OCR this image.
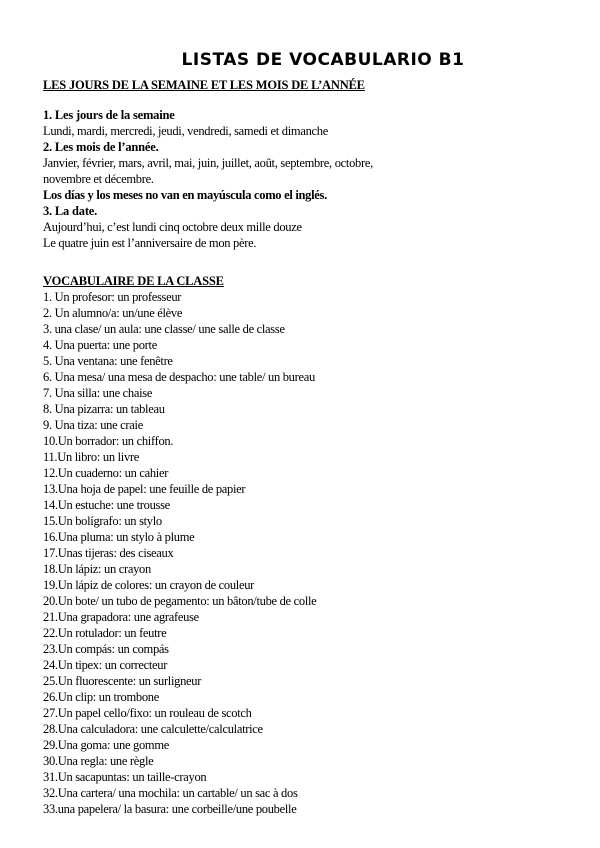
LISTAS DE VOCABULARIO B1

LES JOURS DE LA SEMAINE ET LES MOIS DE L’ANNÉE

1. Les jours de la semaine

Lundi, mardi, mercredi, jeudi, vendredi, samedi et dimanche

2. Les mois de l’année.

Janvier, février, mars, avril, mai, juin, juillet, août, septembre, octobre, novembre et décembre.

Los días y los meses no van en mayúscula como el inglés.

3. La date.

Aujourd’hui, c’est lundi cinq octobre deux mille douze

Le quatre juin est l’anniversaire de mon père.

VOCABULAIRE DE LA CLASSE

1. Un profesor: un professeur
2. Un alumno/a: un/une élève
3. una clase/ un aula: une classe/ une salle de classe
4. Una puerta: une porte
5. Una ventana: une fenêtre
6. Una mesa/ una mesa de despacho: une table/ un bureau
7. Una silla: une chaise
8. Una pizarra: un tableau
9. Una tiza: une craie
10.Un borrador: un chiffon.
11.Un libro: un livre
12.Un cuaderno: un cahier
13.Una hoja de papel: une feuille de papier
14.Un estuche: une trousse
15.Un bolígrafo: un stylo
16.Una pluma: un stylo à plume
17.Unas tijeras: des ciseaux
18.Un lápiz: un crayon
19.Un lápiz de colores: un crayon de couleur
20.Un bote/ un tubo de pegamento: un bâton/tube de colle
21.Una grapadora: une agrafeuse
22.Un rotulador: un feutre
23.Un compás: un compás
24.Un tipex: un correcteur
25.Un fluorescente: un surligneur
26.Un clip: un trombone
27.Un papel cello/fixo: un rouleau de scotch
28.Una calculadora: une calculette/calculatrice
29.Una goma: une gomme
30.Una regla: une règle
31.Un sacapuntas: un taille-crayon
32.Una cartera/ una mochila: un cartable/ un sac à dos
33.una papelera/ la basura: une corbeille/une poubelle
